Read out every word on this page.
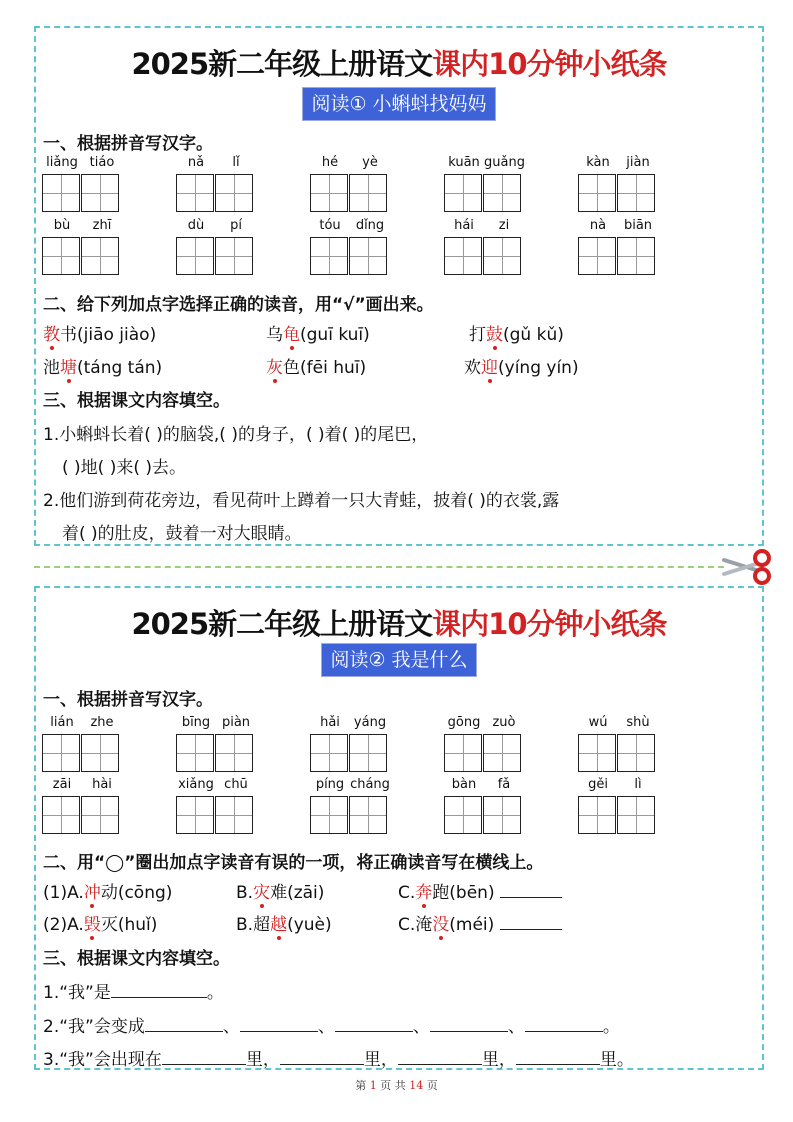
2025新二年级上册语文课内10分钟小纸条
阅读① 小蝌蚪找妈妈
一、根据拼音写汉字。
liǎng tiáo	nǎ	lǐ	hé	yè	kuān guǎng	kàn	jiàn
bù	zhī	dù	pí	tóu	dǐng	hái	zi	nà	biān
二、给下列加点字选择正确的读音，用“√”画出来。
教书(jiāo jiào)	乌龟(guī kuī)	打鼓(gǔ kǔ)
池塘(táng tán)	灰色(fēi huī)	欢迎(yíng yín)
三、根据课文内容填空。
1.小蝌蚪长着( )的脑袋,( )的身子，( )着( )的尾巴，
( )地( )来( )去。
2.他们游到荷花旁边，看见荷叶上蹲着一只大青蛙，披着( )的衣裳,露
着( )的肚皮，鼓着一对大眼睛。
2025新二年级上册语文课内10分钟小纸条
阅读② 我是什么
一、根据拼音写汉字。
lián	zhe	bīng piàn	hǎi	yáng	gōng zuò	wú	shù
zāi	hài	xiǎng chū	píng cháng	bàn	fǎ	gěi	lì
二、用“◯”圈出加点字读音有误的一项，将正确读音写在横线上。
(1)A.冲动(cōng)	B.灾难(zāi)	C.奔跑(bēn)
(2)A.毁灭(huǐ)	B.超越(yuè)	C.淹没(méi)
三、根据课文内容填空。
1.“我”是	。
2.“我”会变成	、	、	、	、	。
3.“我”会出现在	里，	里，	里，	里。
第 1 页 共 14 页
